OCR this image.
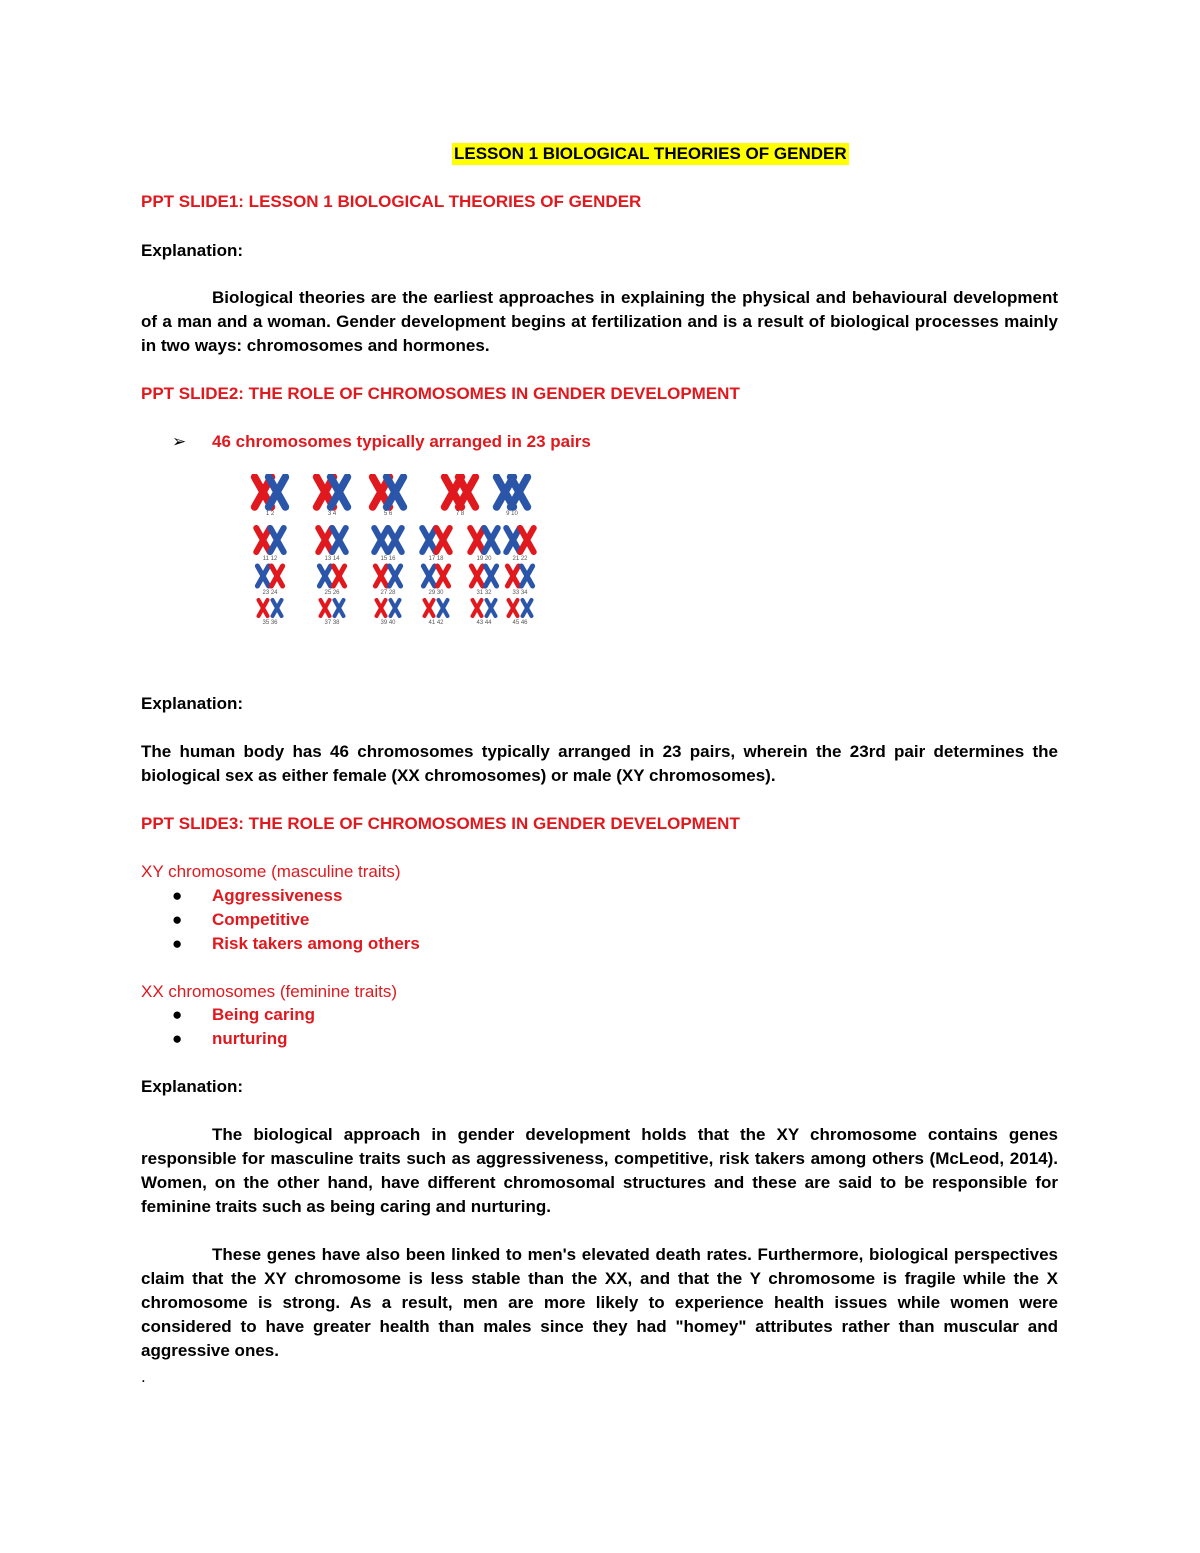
LESSON 1 BIOLOGICAL THEORIES OF GENDER
PPT SLIDE1: LESSON 1 BIOLOGICAL THEORIES OF GENDER
Explanation:
Biological theories are the earliest approaches in explaining the physical and behavioural development of a man and a woman. Gender development begins at fertilization and is a result of biological processes mainly in two ways: chromosomes and hormones.
PPT SLIDE2: THE ROLE OF CHROMOSOMES IN GENDER DEVELOPMENT
➢ 46 chromosomes typically arranged in 23 pairs
1 2	3 4	5 6	7 8	9 10
11 12	13 14	15 16	17 18	19 20	21 22
23 24	25 26	27 28	29 30	31 32	33 34
35 36	37 38	39 40	41 42	43 44	45 46
Explanation:
The human body has 46 chromosomes typically arranged in 23 pairs, wherein the 23rd pair determines the biological sex as either female (XX chromosomes) or male (XY chromosomes).
PPT SLIDE3: THE ROLE OF CHROMOSOMES IN GENDER DEVELOPMENT
XY chromosome (masculine traits)
● Aggressiveness
● Competitive
● Risk takers among others
XX chromosomes (feminine traits)
● Being caring
● nurturing
Explanation:
The biological approach in gender development holds that the XY chromosome contains genes responsible for masculine traits such as aggressiveness, competitive, risk takers among others (McLeod, 2014). Women, on the other hand, have different chromosomal structures and these are said to be responsible for feminine traits such as being caring and nurturing.
These genes have also been linked to men's elevated death rates. Furthermore, biological perspectives claim that the XY chromosome is less stable than the XX, and that the Y chromosome is fragile while the X chromosome is strong. As a result, men are more likely to experience health issues while women were considered to have greater health than males since they had "homey" attributes rather than muscular and aggressive ones.
.
